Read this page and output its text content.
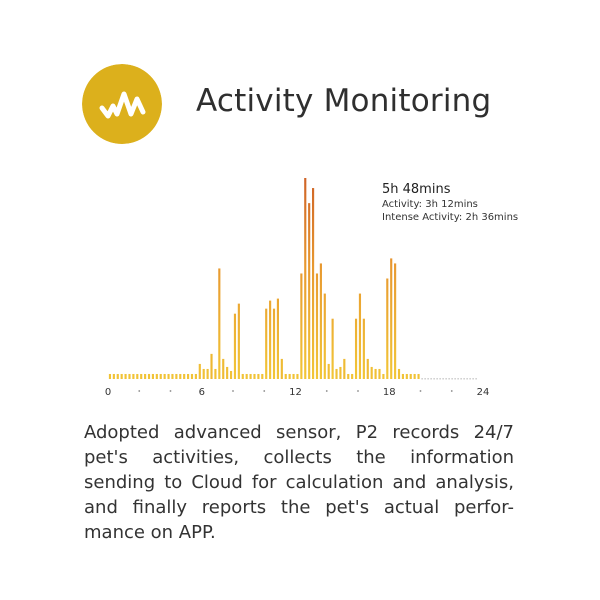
Activity Monitoring
5h 48mins
Activity: 3h 12mins
Intense Activity: 2h 36mins
0	6	12	18	24

Adopted advanced sensor, P2 records 24/7 pet's activities, collects the information sending to Cloud for calculation and analysis, and finally reports the pet's actual perfor-mance on APP.
